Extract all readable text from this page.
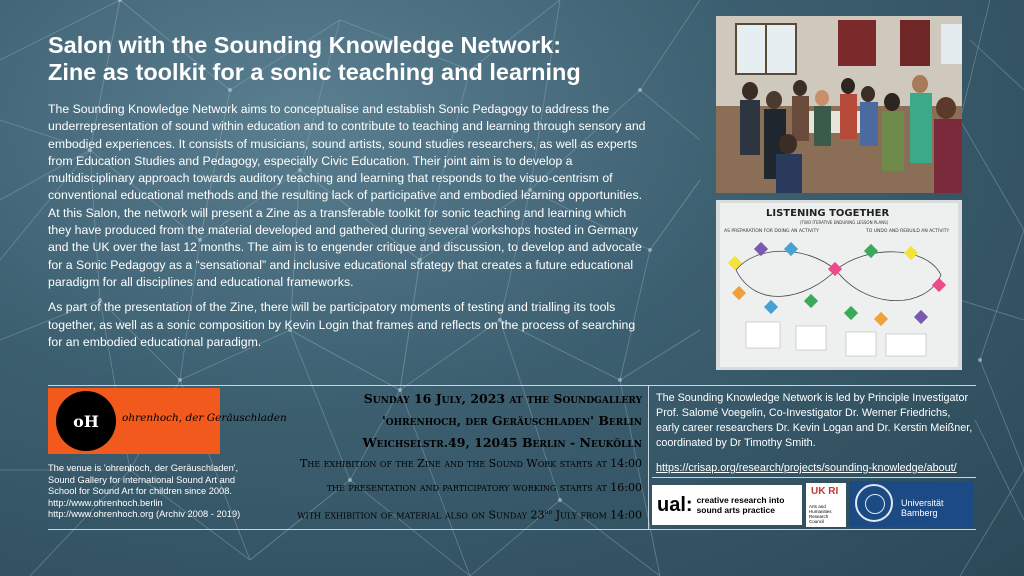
Salon with the Sounding Knowledge Network:
Zine as toolkit for a sonic teaching and learning

The Sounding Knowledge Network aims to conceptualise and establish Sonic Pedagogy to address the underrepresentation of sound within education and to contribute to teaching and learning through sensory and embodied experiences. It consists of musicians, sound artists, sound studies researchers, as well as experts from Education Studies and Pedagogy, especially Civic Education. Their joint aim is to develop a multidisciplinary approach towards auditory teaching and learning that responds to the visuo-centrism of conventional educational methods and the resulting lack of participative and embodied learning opportunities. At this Salon, the network will present a Zine as a transferable toolkit for sonic teaching and learning which they have produced from the material developed and gathered during several workshops hosted in Germany and the UK over the last 12 months. The aim is to engender critique and discussion, to develop and advocate for a Sonic Pedagogy as a “sensational” and inclusive educational strategy that creates a future educational paradigm for all disciplines and educational frameworks.

As part of the presentation of the Zine, there will be participatory moments of testing and trialling its tools together, as well as a sonic composition by Kevin Login that frames and reflects on the process of searching for an embodied educational paradigm.

LISTENING TOGETHER
(TWO ITERATIVE ENDURING LESSON PLANS)
AS PREPARATION FOR DOING AN ACTIVITY	TO UNDO AND REBUILD AN ACTIVITY
oH	ohrenhoch, der Geräuschladen
The venue is 'ohrenhoch, der Geräuschladen',
Sound Gallery for international Sound Art and
School for Sound Art for children since 2008.
http://www.ohrenhoch.berlin
http://www.ohrenhoch.org (Archiv 2008 - 2019)
Sunday 16 July, 2023 at the Soundgallery
'ohrenhoch, der Geräuschladen' Berlin
Weichselstr.49, 12045 Berlin - Neukölln
The exhibition of the Zine and the Sound Work starts at 14:00
the presentation and participatory working starts at 16:00
with exhibition of material also on Sunday 23rd July from 14:00
The Sounding Knowledge Network is led by Principle Investigator Prof. Salomé Voegelin, Co-Investigator Dr. Werner Friedrichs, early career researchers Dr. Kevin Logan and Dr. Kerstin Meißner, coordinated by Dr Timothy Smith.
https://crisap.org/research/projects/sounding-knowledge/about/
ual: creative research into
sound arts practice
UK RI
Arts and Humanities Research Council
Universität Bamberg
